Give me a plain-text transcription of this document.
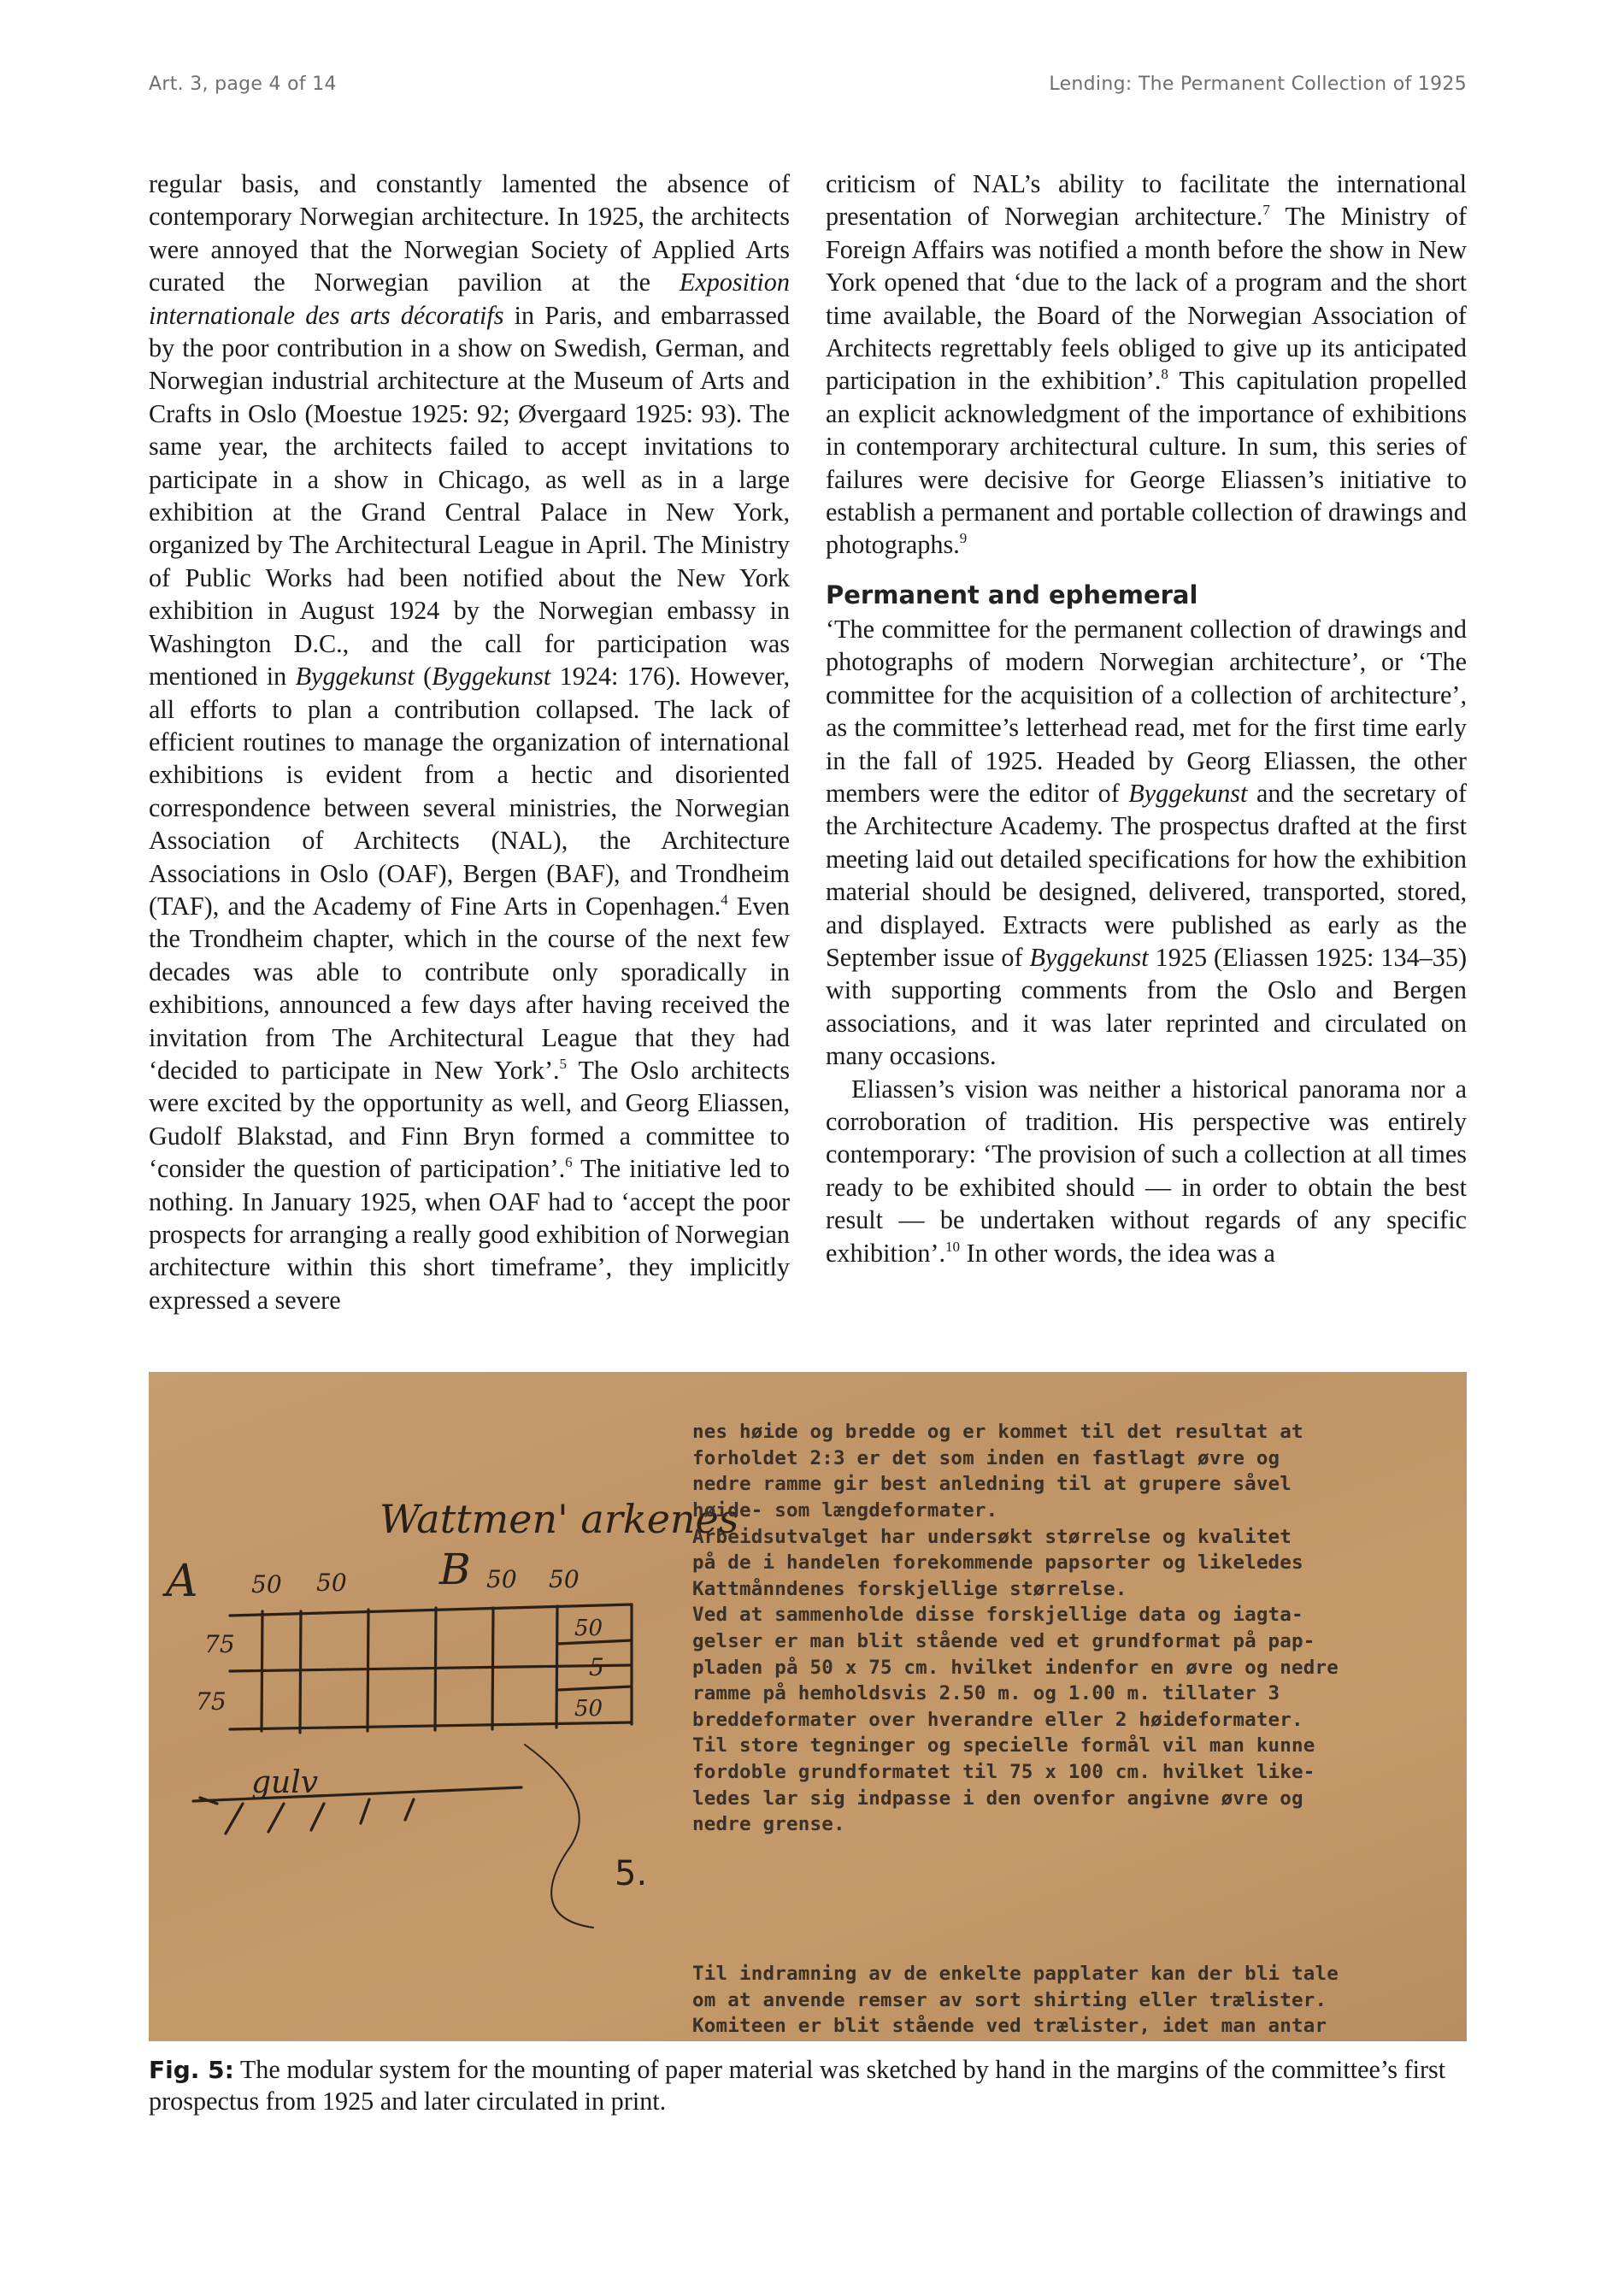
Art. 3, page 4 of 14	Lending: The Permanent Collection of 1925

regular basis, and constantly lamented the absence of contemporary Norwegian architecture. In 1925, the architects were annoyed that the Norwegian Society of Applied Arts curated the Norwegian pavilion at the Exposition internationale des arts décoratifs in Paris, and embarrassed by the poor contribution in a show on Swedish, German, and Norwegian industrial architecture at the Museum of Arts and Crafts in Oslo (Moestue 1925: 92; Øvergaard 1925: 93). The same year, the architects failed to accept invitations to participate in a show in Chicago, as well as in a large exhibition at the Grand Central Palace in New York, organized by The Architectural League in April. The Ministry of Public Works had been notified about the New York exhibition in August 1924 by the Norwegian embassy in Washington D.C., and the call for participation was mentioned in Byggekunst (Byggekunst 1924: 176). However, all efforts to plan a contribution collapsed. The lack of efficient routines to manage the organization of international exhibitions is evident from a hectic and disoriented correspondence between several ministries, the Norwegian Association of Architects (NAL), the Architecture Associations in Oslo (OAF), Bergen (BAF), and Trondheim (TAF), and the Academy of Fine Arts in Copenhagen.$^4$ Even the Trondheim chapter, which in the course of the next few decades was able to contribute only sporadically in exhibitions, announced a few days after having received the invitation from The Architectural League that they had ‘decided to participate in New York’.$^5$ The Oslo architects were excited by the opportunity as well, and Georg Eliassen, Gudolf Blakstad, and Finn Bryn formed a committee to ‘consider the question of participation’.$^6$ The initiative led to nothing. In January 1925, when OAF had to ‘accept the poor prospects for arranging a really good exhibition of Norwegian architecture within this short timeframe’, they implicitly expressed a severe

criticism of NAL’s ability to facilitate the international presentation of Norwegian architecture.$^7$ The Ministry of Foreign Affairs was notified a month before the show in New York opened that ‘due to the lack of a program and the short time available, the Board of the Norwegian Association of Architects regrettably feels obliged to give up its anticipated participation in the exhibition’.$^8$ This capitulation propelled an explicit acknowledgment of the importance of exhibitions in contemporary architectural culture. In sum, this series of failures were decisive for George Eliassen’s initiative to establish a permanent and portable collection of drawings and photographs.$^9$

Permanent and ephemeral

‘The committee for the permanent collection of drawings and photographs of modern Norwegian architecture’, or ‘The committee for the acquisition of a collection of architecture’, as the committee’s letterhead read, met for the first time early in the fall of 1925. Headed by Georg Eliassen, the other members were the editor of Byggekunst and the secretary of the Architecture Academy. The prospectus drafted at the first meeting laid out detailed specifications for how the exhibition material should be designed, delivered, transported, stored, and displayed. Extracts were published as early as the September issue of Byggekunst 1925 (Eliassen 1925: 134–35) with supporting comments from the Oslo and Bergen associations, and it was later reprinted and circulated on many occasions.

Eliassen’s vision was neither a historical panorama nor a corroboration of tradition. His perspective was entirely contemporary: ‘The provision of such a collection at all times ready to be exhibited should — in order to obtain the best result — be undertaken without regards of any specific exhibition’.$^{10}$ In other words, the idea was a

Wattmen' arkenes
A	B
50 50	50 50
75
75
50
5
50
gulv
5.

nes høide og bredde og er kommet til det resultat at
forholdet 2:3 er det som inden en fastlagt øvre og
nedre ramme gir best anledning til at grupere såvel
høide- som længdeformater.
Arbeidsutvalget har undersøkt størrelse og kvalitet
på de i handelen forekommende papsorter og likeledes
Kattmånndenes forskjellige størrelse.
Ved at sammenholde disse forskjellige data og iagta-
gelser er man blit stående ved et grundformat på pap-
pladen på 50 x 75 cm. hvilket indenfor en øvre og nedre
ramme på hemholdsvis 2.50 m. og 1.00 m. tillater 3
breddeformater over hverandre eller 2 høideformater.
Til store tegninger og specielle formål vil man kunne
fordoble grundformatet til 75 x 100 cm. hvilket like-
ledes lar sig indpasse i den ovenfor angivne øvre og
nedre grense.

Til indramning av de enkelte papplater kan der bli tale
om at anvende remser av sort shirting eller trælister.
Komiteen er blit stående ved trælister, idet man antar

Fig. 5: The modular system for the mounting of paper material was sketched by hand in the margins of the committee’s first prospectus from 1925 and later circulated in print.
